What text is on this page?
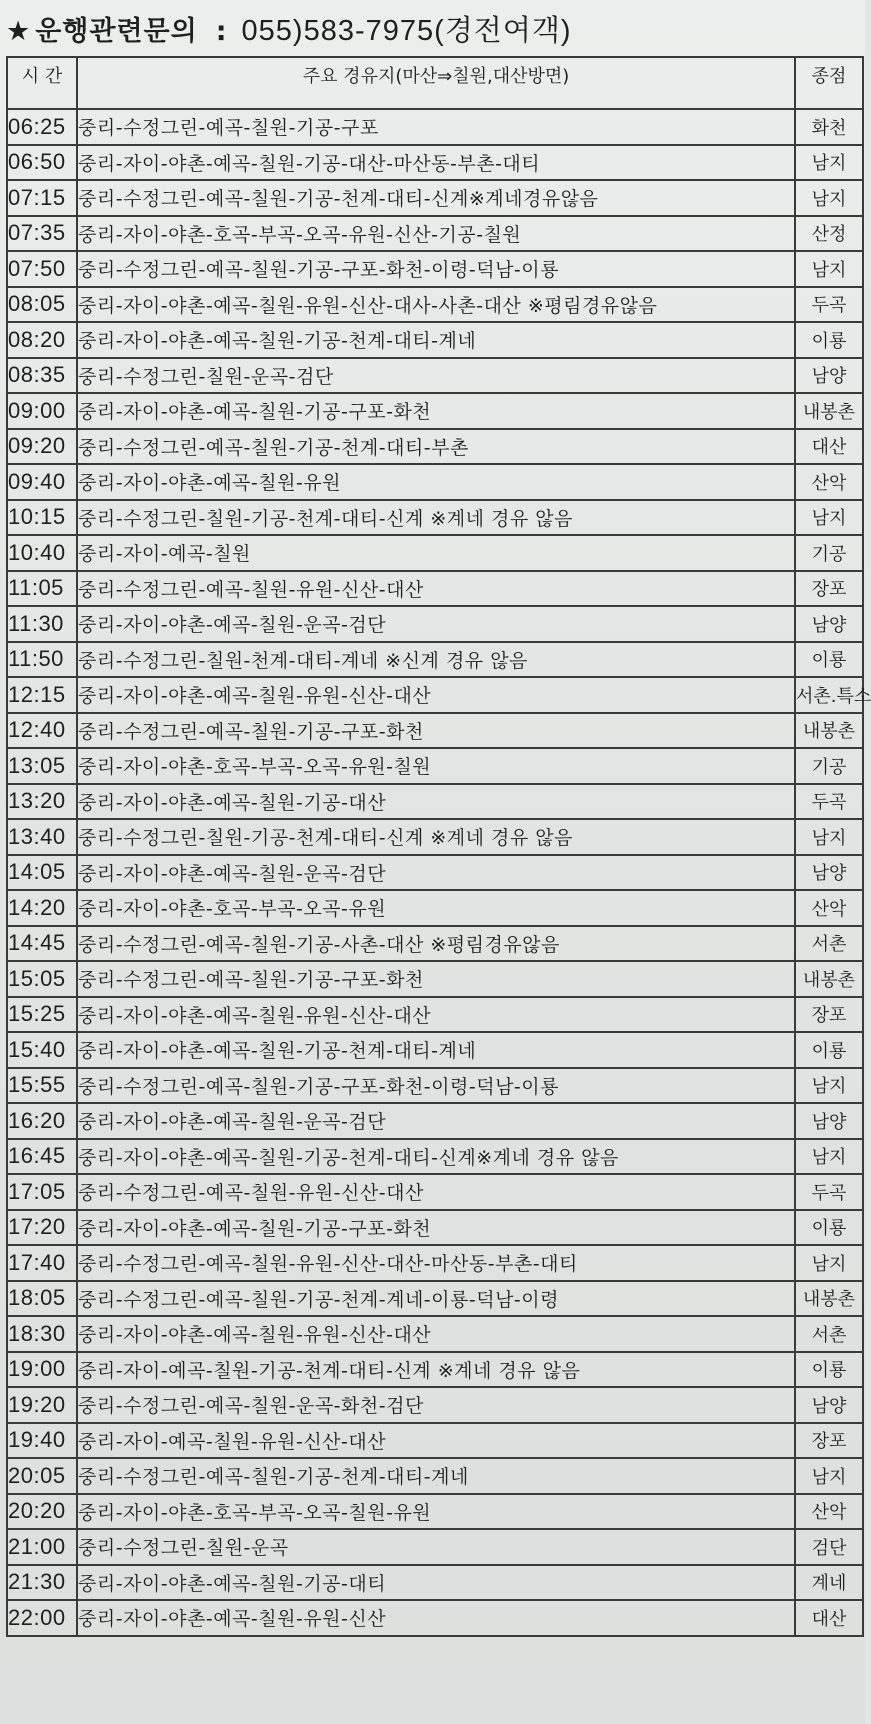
★ 운행관련문의 : 055)583-7975(경전여객)
시 간	주요 경유지(마산⇒칠원,대산방면)	종점
06:25	중리-수정그린-예곡-칠원-기공-구포	화천
06:50	중리-자이-야촌-예곡-칠원-기공-대산-마산동-부촌-대티	남지
07:15	중리-수정그린-예곡-칠원-기공-천계-대티-신계※계네경유않음	남지
07:35	중리-자이-야촌-호곡-부곡-오곡-유원-신산-기공-칠원	산정
07:50	중리-수정그린-예곡-칠원-기공-구포-화천-이령-덕남-이룡	남지
08:05	중리-자이-야촌-예곡-칠원-유원-신산-대사-사촌-대산 ※평림경유않음	두곡
08:20	중리-자이-야촌-예곡-칠원-기공-천계-대티-계네	이룡
08:35	중리-수정그린-칠원-운곡-검단	남양
09:00	중리-자이-야촌-예곡-칠원-기공-구포-화천	내봉촌
09:20	중리-수정그린-예곡-칠원-기공-천계-대티-부촌	대산
09:40	중리-자이-야촌-예곡-칠원-유원	산악
10:15	중리-수정그린-칠원-기공-천계-대티-신계 ※계네 경유 않음	남지
10:40	중리-자이-예곡-칠원	기공
11:05	중리-수정그린-예곡-칠원-유원-신산-대산	장포
11:30	중리-자이-야촌-예곡-칠원-운곡-검단	남양
11:50	중리-수정그린-칠원-천계-대티-계네 ※신계 경유 않음	이룡
12:15	중리-자이-야촌-예곡-칠원-유원-신산-대산	서촌.특소
12:40	중리-수정그린-예곡-칠원-기공-구포-화천	내봉촌
13:05	중리-자이-야촌-호곡-부곡-오곡-유원-칠원	기공
13:20	중리-자이-야촌-예곡-칠원-기공-대산	두곡
13:40	중리-수정그린-칠원-기공-천계-대티-신계 ※계네 경유 않음	남지
14:05	중리-자이-야촌-예곡-칠원-운곡-검단	남양
14:20	중리-자이-야촌-호곡-부곡-오곡-유원	산악
14:45	중리-수정그린-예곡-칠원-기공-사촌-대산 ※평림경유않음	서촌
15:05	중리-수정그린-예곡-칠원-기공-구포-화천	내봉촌
15:25	중리-자이-야촌-예곡-칠원-유원-신산-대산	장포
15:40	중리-자이-야촌-예곡-칠원-기공-천계-대티-계네	이룡
15:55	중리-수정그린-예곡-칠원-기공-구포-화천-이령-덕남-이룡	남지
16:20	중리-자이-야촌-예곡-칠원-운곡-검단	남양
16:45	중리-자이-야촌-예곡-칠원-기공-천계-대티-신계※계네 경유 않음	남지
17:05	중리-수정그린-예곡-칠원-유원-신산-대산	두곡
17:20	중리-자이-야촌-예곡-칠원-기공-구포-화천	이룡
17:40	중리-수정그린-예곡-칠원-유원-신산-대산-마산동-부촌-대티	남지
18:05	중리-수정그린-예곡-칠원-기공-천계-계네-이룡-덕남-이령	내봉촌
18:30	중리-자이-야촌-예곡-칠원-유원-신산-대산	서촌
19:00	중리-자이-예곡-칠원-기공-천계-대티-신계 ※계네 경유 않음	이룡
19:20	중리-수정그린-예곡-칠원-운곡-화천-검단	남양
19:40	중리-자이-예곡-칠원-유원-신산-대산	장포
20:05	중리-수정그린-예곡-칠원-기공-천계-대티-계네	남지
20:20	중리-자이-야촌-호곡-부곡-오곡-칠원-유원	산악
21:00	중리-수정그린-칠원-운곡	검단
21:30	중리-자이-야촌-예곡-칠원-기공-대티	계네
22:00	중리-자이-야촌-예곡-칠원-유원-신산	대산
